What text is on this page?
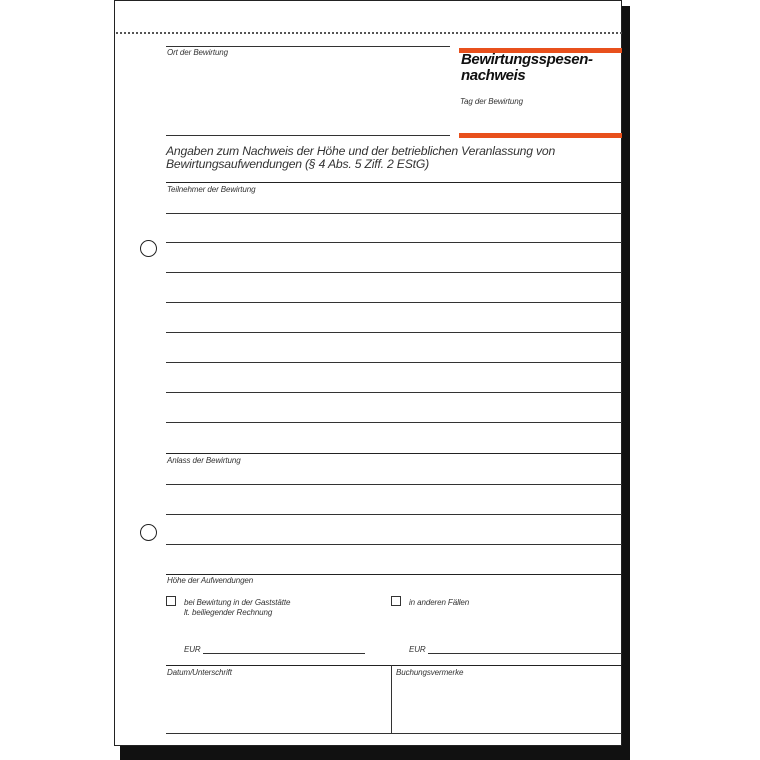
Ort der Bewirtung	Bewirtungsspesen-
nachweis
Tag der Bewirtung
Angaben zum Nachweis der Höhe und der betrieblichen Veranlassung von
Bewirtungsaufwendungen (§ 4 Abs. 5 Ziff. 2 EStG)
Teilnehmer der Bewirtung
Anlass der Bewirtung
Höhe der Aufwendungen
bei Bewirtung in der Gaststätte
lt. beiliegender Rechnung
in anderen Fällen
EUR	EUR
Datum/Unterschrift	Buchungsvermerke
